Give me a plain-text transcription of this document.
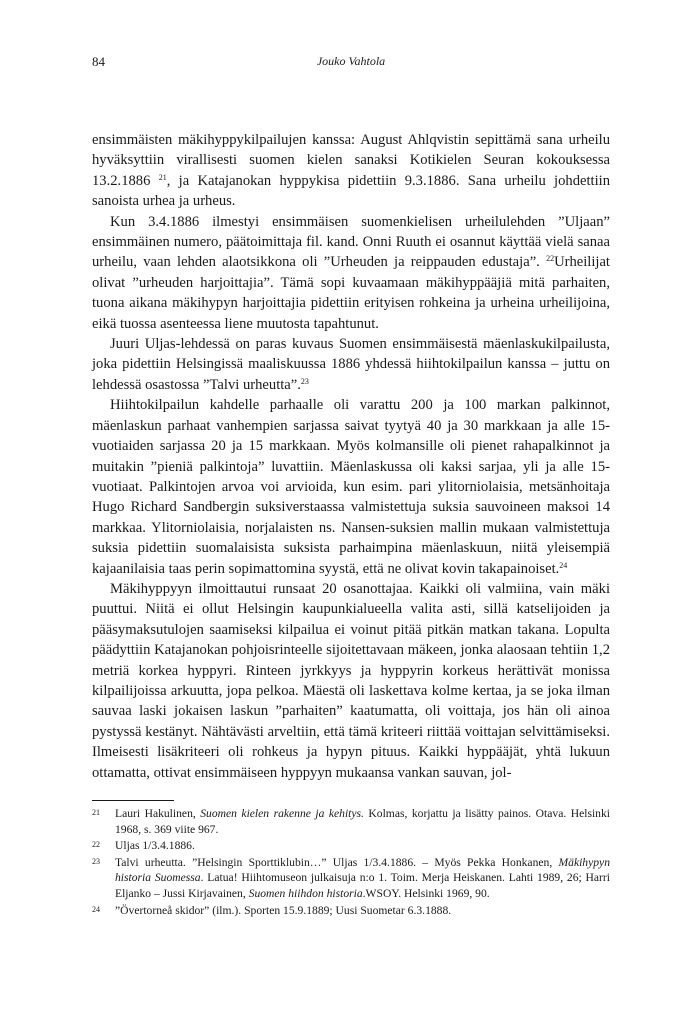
84	Jouko Vahtola

ensimmäisten mäkihyppykilpailujen kanssa: August Ahlqvistin sepittämä sana urheilu hyväksyttiin virallisesti suomen kielen sanaksi Kotikielen Seuran kokouksessa 13.2.1886 $^{21}$, ja Katajanokan hyppykisa pidettiin 9.3.1886. Sana urheilu johdettiin sanoista urhea ja urheus.

Kun 3.4.1886 ilmestyi ensimmäisen suomenkielisen urheilulehden ”Uljaan” ensimmäinen numero, päätoimittaja fil. kand. Onni Ruuth ei osannut käyttää vielä sanaa urheilu, vaan lehden alaotsikkona oli ”Urheuden ja reippauden edustaja”. $^{22}$Urheilijat olivat ”urheuden harjoittajia”. Tämä sopi kuvaamaan mäkihyppääjiä mitä parhaiten, tuona aikana mäkihypyn harjoittajia pidettiin erityisen rohkeina ja urheina urheilijoina, eikä tuossa asenteessa liene muutosta tapahtunut.

Juuri Uljas-lehdessä on paras kuvaus Suomen ensimmäisestä mäenlaskukilpailusta, joka pidettiin Helsingissä maaliskuussa 1886 yhdessä hiihtokilpailun kanssa – juttu on lehdessä osastossa ”Talvi urheutta”.$^{23}$

Hiihtokilpailun kahdelle parhaalle oli varattu 200 ja 100 markan palkinnot, mäenlaskun parhaat vanhempien sarjassa saivat tyytyä 40 ja 30 markkaan ja alle 15-vuotiaiden sarjassa 20 ja 15 markkaan. Myös kolmansille oli pienet rahapalkinnot ja muitakin ”pieniä palkintoja” luvattiin. Mäenlaskussa oli kaksi sarjaa, yli ja alle 15-vuotiaat. Palkintojen arvoa voi arvioida, kun esim. pari ylitorniolaisia, metsänhoitaja Hugo Richard Sandbergin suksiverstaassa valmistettuja suksia sauvoineen maksoi 14 markkaa. Ylitorniolaisia, norjalaisten ns. Nansen-suksien mallin mukaan valmistettuja suksia pidettiin suomalaisista suksista parhaimpina mäenlaskuun, niitä yleisempiä kajaanilaisia taas perin sopimattomina syystä, että ne olivat kovin takapainoiset.$^{24}$

Mäkihyppyyn ilmoittautui runsaat 20 osanottajaa. Kaikki oli valmiina, vain mäki puuttui. Niitä ei ollut Helsingin kaupunkialueella valita asti, sillä katselijoiden ja pääsymaksutulojen saamiseksi kilpailua ei voinut pitää pitkän matkan takana. Lopulta päädyttiin Katajanokan pohjoisrinteelle sijoitettavaan mäkeen, jonka alaosaan tehtiin 1,2 metriä korkea hyppyri. Rinteen jyrkkyys ja hyppyrin korkeus herättivät monissa kilpailijoissa arkuutta, jopa pelkoa. Mäestä oli laskettava kolme kertaa, ja se joka ilman sauvaa laski jokaisen laskun ”parhaiten” kaatumatta, oli voittaja, jos hän oli ainoa pystyssä kestänyt. Nähtävästi arveltiin, että tämä kriteeri riittää voittajan selvittämiseksi. Ilmeisesti lisäkriteeri oli rohkeus ja hypyn pituus. Kaikki hyppääjät, yhtä lukuun ottamatta, ottivat ensimmäiseen hyppyyn mukaansa vankan sauvan, jol-

21	Lauri Hakulinen, Suomen kielen rakenne ja kehitys. Kolmas, korjattu ja lisätty painos. Otava. Helsinki 1968, s. 369 viite 967.
22	Uljas 1/3.4.1886.
23	Talvi urheutta. ”Helsingin Sporttiklubin…” Uljas 1/3.4.1886. – Myös Pekka Honkanen, Mäkihypyn historia Suomessa. Latua! Hiihtomuseon julkaisuja n:o 1. Toim. Merja Heiskanen. Lahti 1989, 26; Harri Eljanko – Jussi Kirjavainen, Suomen hiihdon historia.WSOY. Helsinki 1969, 90.
24	”Övertorneå skidor” (ilm.). Sporten 15.9.1889; Uusi Suometar 6.3.1888.
